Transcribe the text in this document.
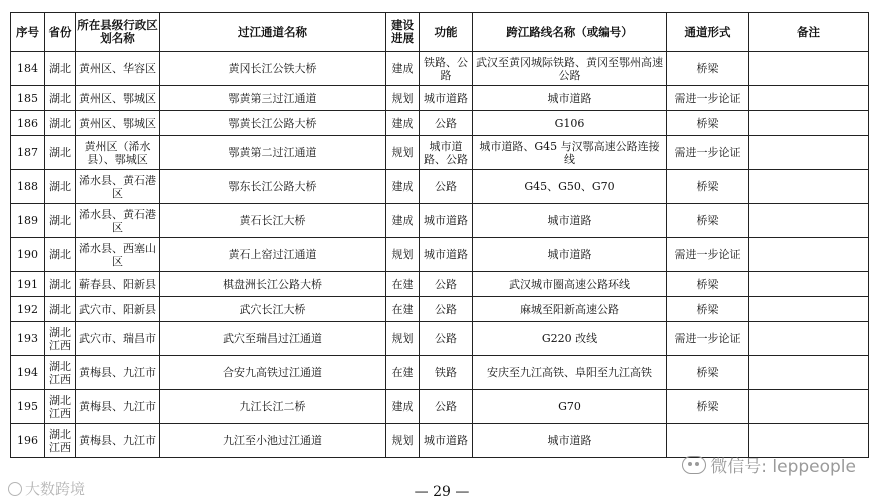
序号	省份	所在县级行政区划名称	过江通道名称	建设进展	功能	跨江路线名称（或编号）	通道形式	备注
184	湖北	黄州区、华容区	黄冈长江公铁大桥	建成	铁路、公路	武汉至黄冈城际铁路、黄冈至鄂州高速公路	桥梁	
185	湖北	黄州区、鄂城区	鄂黄第三过江通道	规划	城市道路	城市道路	需进一步论证	
186	湖北	黄州区、鄂城区	鄂黄长江公路大桥	建成	公路	G106	桥梁	
187	湖北	黄州区（浠水县）、鄂城区	鄂黄第二过江通道	规划	城市道路、公路	城市道路、G45 与汉鄂高速公路连接线	需进一步论证	
188	湖北	浠水县、黄石港区	鄂东长江公路大桥	建成	公路	G45、G50、G70	桥梁	
189	湖北	浠水县、黄石港区	黄石长江大桥	建成	城市道路	城市道路	桥梁	
190	湖北	浠水县、西塞山区	黄石上窑过江通道	规划	城市道路	城市道路	需进一步论证	
191	湖北	蕲春县、阳新县	棋盘洲长江公路大桥	在建	公路	武汉城市圈高速公路环线	桥梁	
192	湖北	武穴市、阳新县	武穴长江大桥	在建	公路	麻城至阳新高速公路	桥梁	
193	湖北江西	武穴市、瑞昌市	武穴至瑞昌过江通道	规划	公路	G220 改线	需进一步论证	
194	湖北江西	黄梅县、九江市	合安九高铁过江通道	在建	铁路	安庆至九江高铁、阜阳至九江高铁	桥梁	
195	湖北江西	黄梅县、九江市	九江长江二桥	建成	公路	G70	桥梁	
196	湖北江西	黄梅县、九江市	九江至小池过江通道	规划	城市道路	城市道路		
微信号: leppeople
大数跨境	— 29 —
